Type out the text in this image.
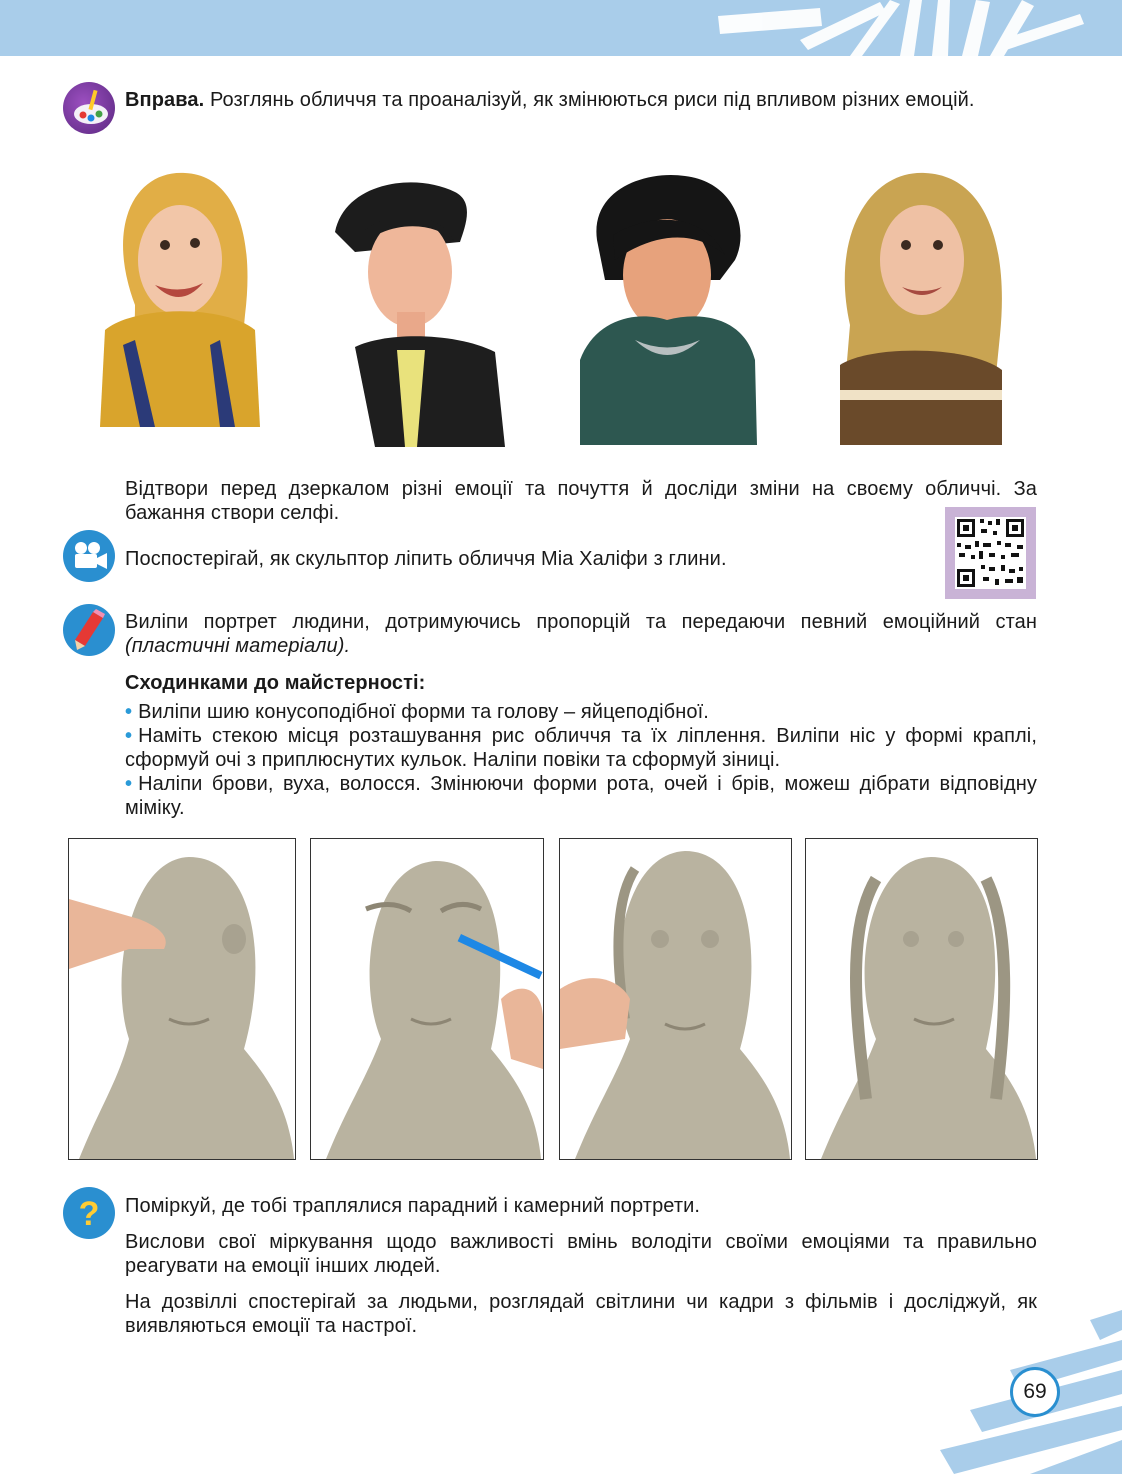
Вправа. Розглянь обличчя та проаналізуй, як змінюються риси під впливом різних емоцій.
Відтвори перед дзеркалом різні емоції та почуття й досліди зміни на своєму обличчі. За бажання створи селфі.
Поспостерігай, як скульптор ліпить обличчя Міа Халіфи з глини.
Виліпи портрет людини, дотримуючись пропорцій та передаючи певний емоційний стан (пластичні матеріали).
Сходинками до майстерності:
• Виліпи шию конусоподібної форми та голову – яйцеподібної.
• Наміть стекою місця розташування рис обличчя та їх ліплення. Виліпи ніс у формі краплі, сформуй очі з приплюснутих кульок. Наліпи повіки та сформуй зіниці.
• Наліпи брови, вуха, волосся. Змінюючи форми рота, очей і брів, можеш дібрати відповідну міміку.
? Поміркуй, де тобі траплялися парадний і камерний портрети.
Вислови свої міркування щодо важливості вмінь володіти своїми емоціями та правильно реагувати на емоції інших людей.
На дозвіллі спостерігай за людьми, розглядай світлини чи кадри з фільмів і досліджуй, як виявляються емоції та настрої.
69
